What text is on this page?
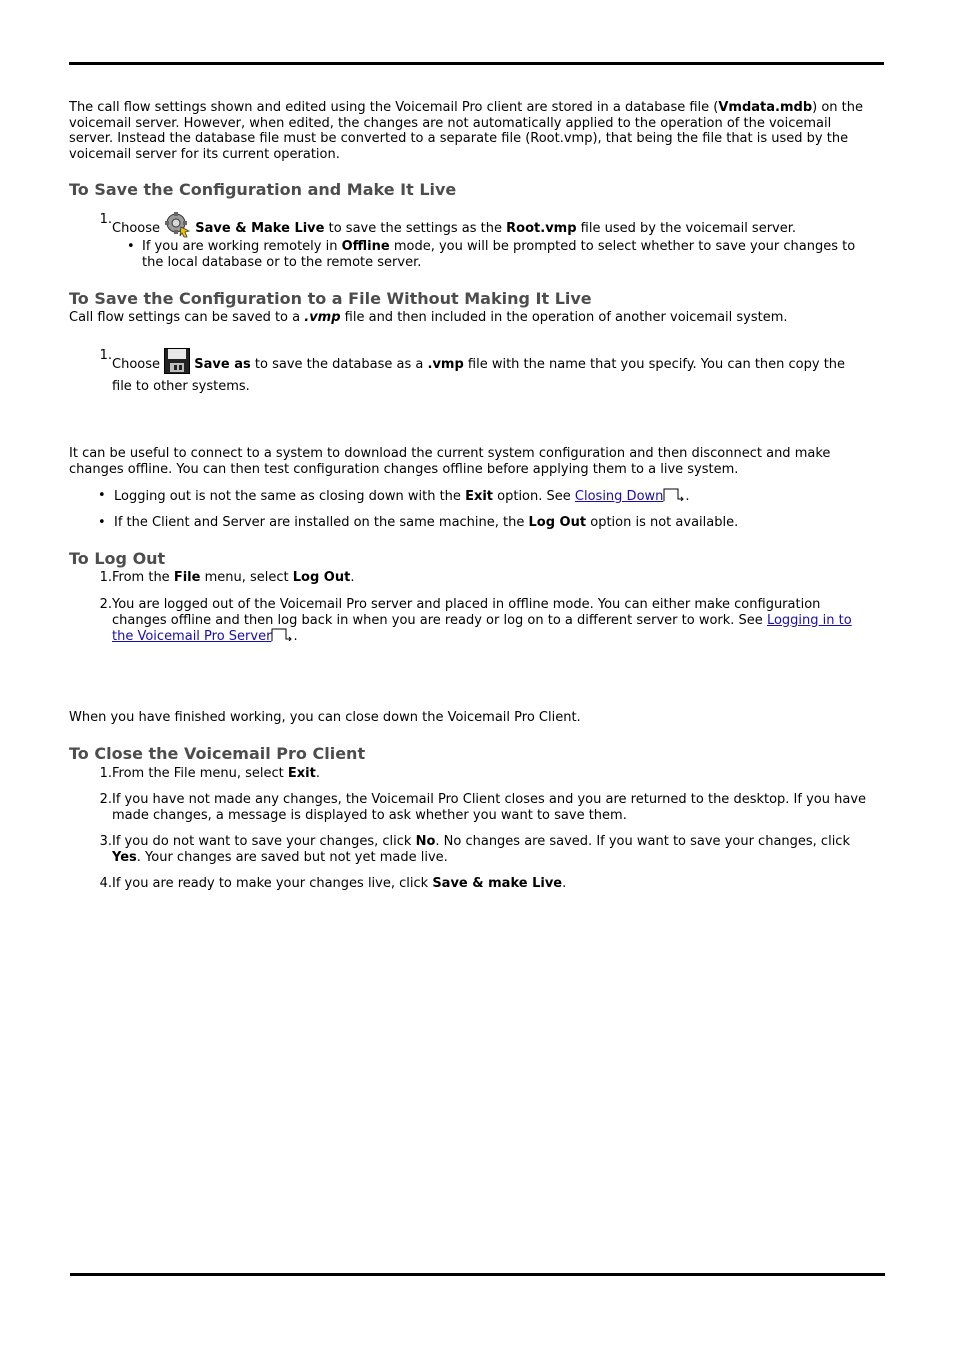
The call flow settings shown and edited using the Voicemail Pro client are stored in a database file (Vmdata.mdb) on the voicemail server. However, when edited, the changes are not automatically applied to the operation of the voicemail server. Instead the database file must be converted to a separate file (Root.vmp), that being the file that is used by the voicemail server for its current operation.

To Save the Configuration and Make It Live
1.
Choose	Save & Make Live to save the settings as the Root.vmp file used by the voicemail server.
• If you are working remotely in Offline mode, you will be prompted to select whether to save your changes to the local database or to the remote server.
To Save the Configuration to a File Without Making It Live

Call flow settings can be saved to a .vmp file and then included in the operation of another voicemail system.

1.
Choose	Save as to save the database as a .vmp file with the name that you specify. You can then copy the file to other systems.

It can be useful to connect to a system to download the current system configuration and then disconnect and make changes offline. You can then test configuration changes offline before applying them to a live system.

• Logging out is not the same as closing down with the Exit option. See Closing Down .
• If the Client and Server are installed on the same machine, the Log Out option is not available.
To Log Out
1. From the File menu, select Log Out.
2. You are logged out of the Voicemail Pro server and placed in offline mode. You can either make configuration changes offline and then log back in when you are ready or log on to a different server to work. See Logging in to the Voicemail Pro Server .

When you have finished working, you can close down the Voicemail Pro Client.

To Close the Voicemail Pro Client
1. From the File menu, select Exit.
2. If you have not made any changes, the Voicemail Pro Client closes and you are returned to the desktop. If you have made changes, a message is displayed to ask whether you want to save them.
3. If you do not want to save your changes, click No. No changes are saved. If you want to save your changes, click Yes. Your changes are saved but not yet made live.
4. If you are ready to make your changes live, click Save & make Live.
